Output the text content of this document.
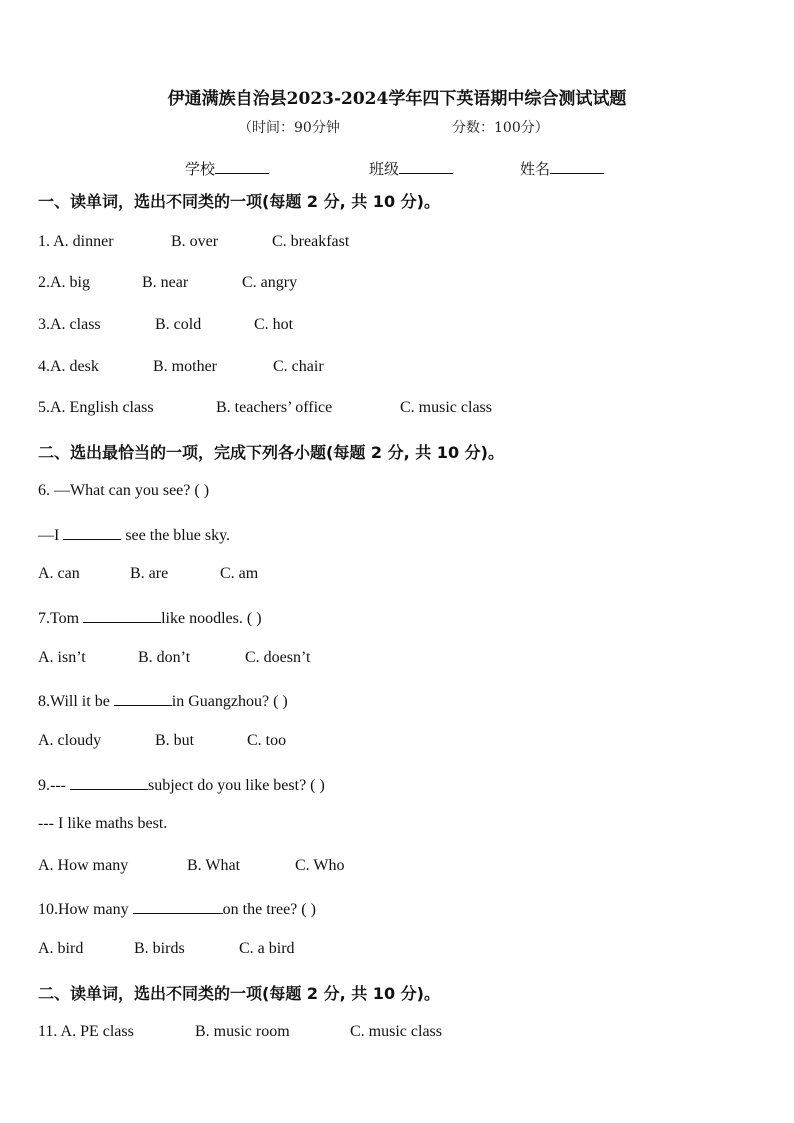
伊通满族自治县2023-2024学年四下英语期中综合测试试题
（时间：90分钟	分数：100分）
学校	班级	姓名
一、读单词，选出不同类的一项(每题 2 分, 共 10 分)。
1. A. dinner	B. over	C. breakfast
2.A. big	B. near	C. angry
3.A. class	B. cold	C. hot
4.A. desk	B. mother	C. chair
5.A. English class	B. teachers’ office	C. music class
二、选出最恰当的一项，完成下列各小题(每题 2 分, 共 10 分)。
6. —What can you see? ( )
—I	see the blue sky.
A. can	B. are	C. am
7.Tom	like noodles. ( )
A. isn’t	B. don’t	C. doesn’t
8.Will it be	in Guangzhou? ( )
A. cloudy	B. but	C. too
9.---	subject do you like best? ( )
--- I like maths best.
A. How many	B. What	C. Who
10.How many	on the tree? ( )
A. bird	B. birds	C. a bird
二、读单词，选出不同类的一项(每题 2 分, 共 10 分)。
11. A. PE class	B. music room	C. music class
